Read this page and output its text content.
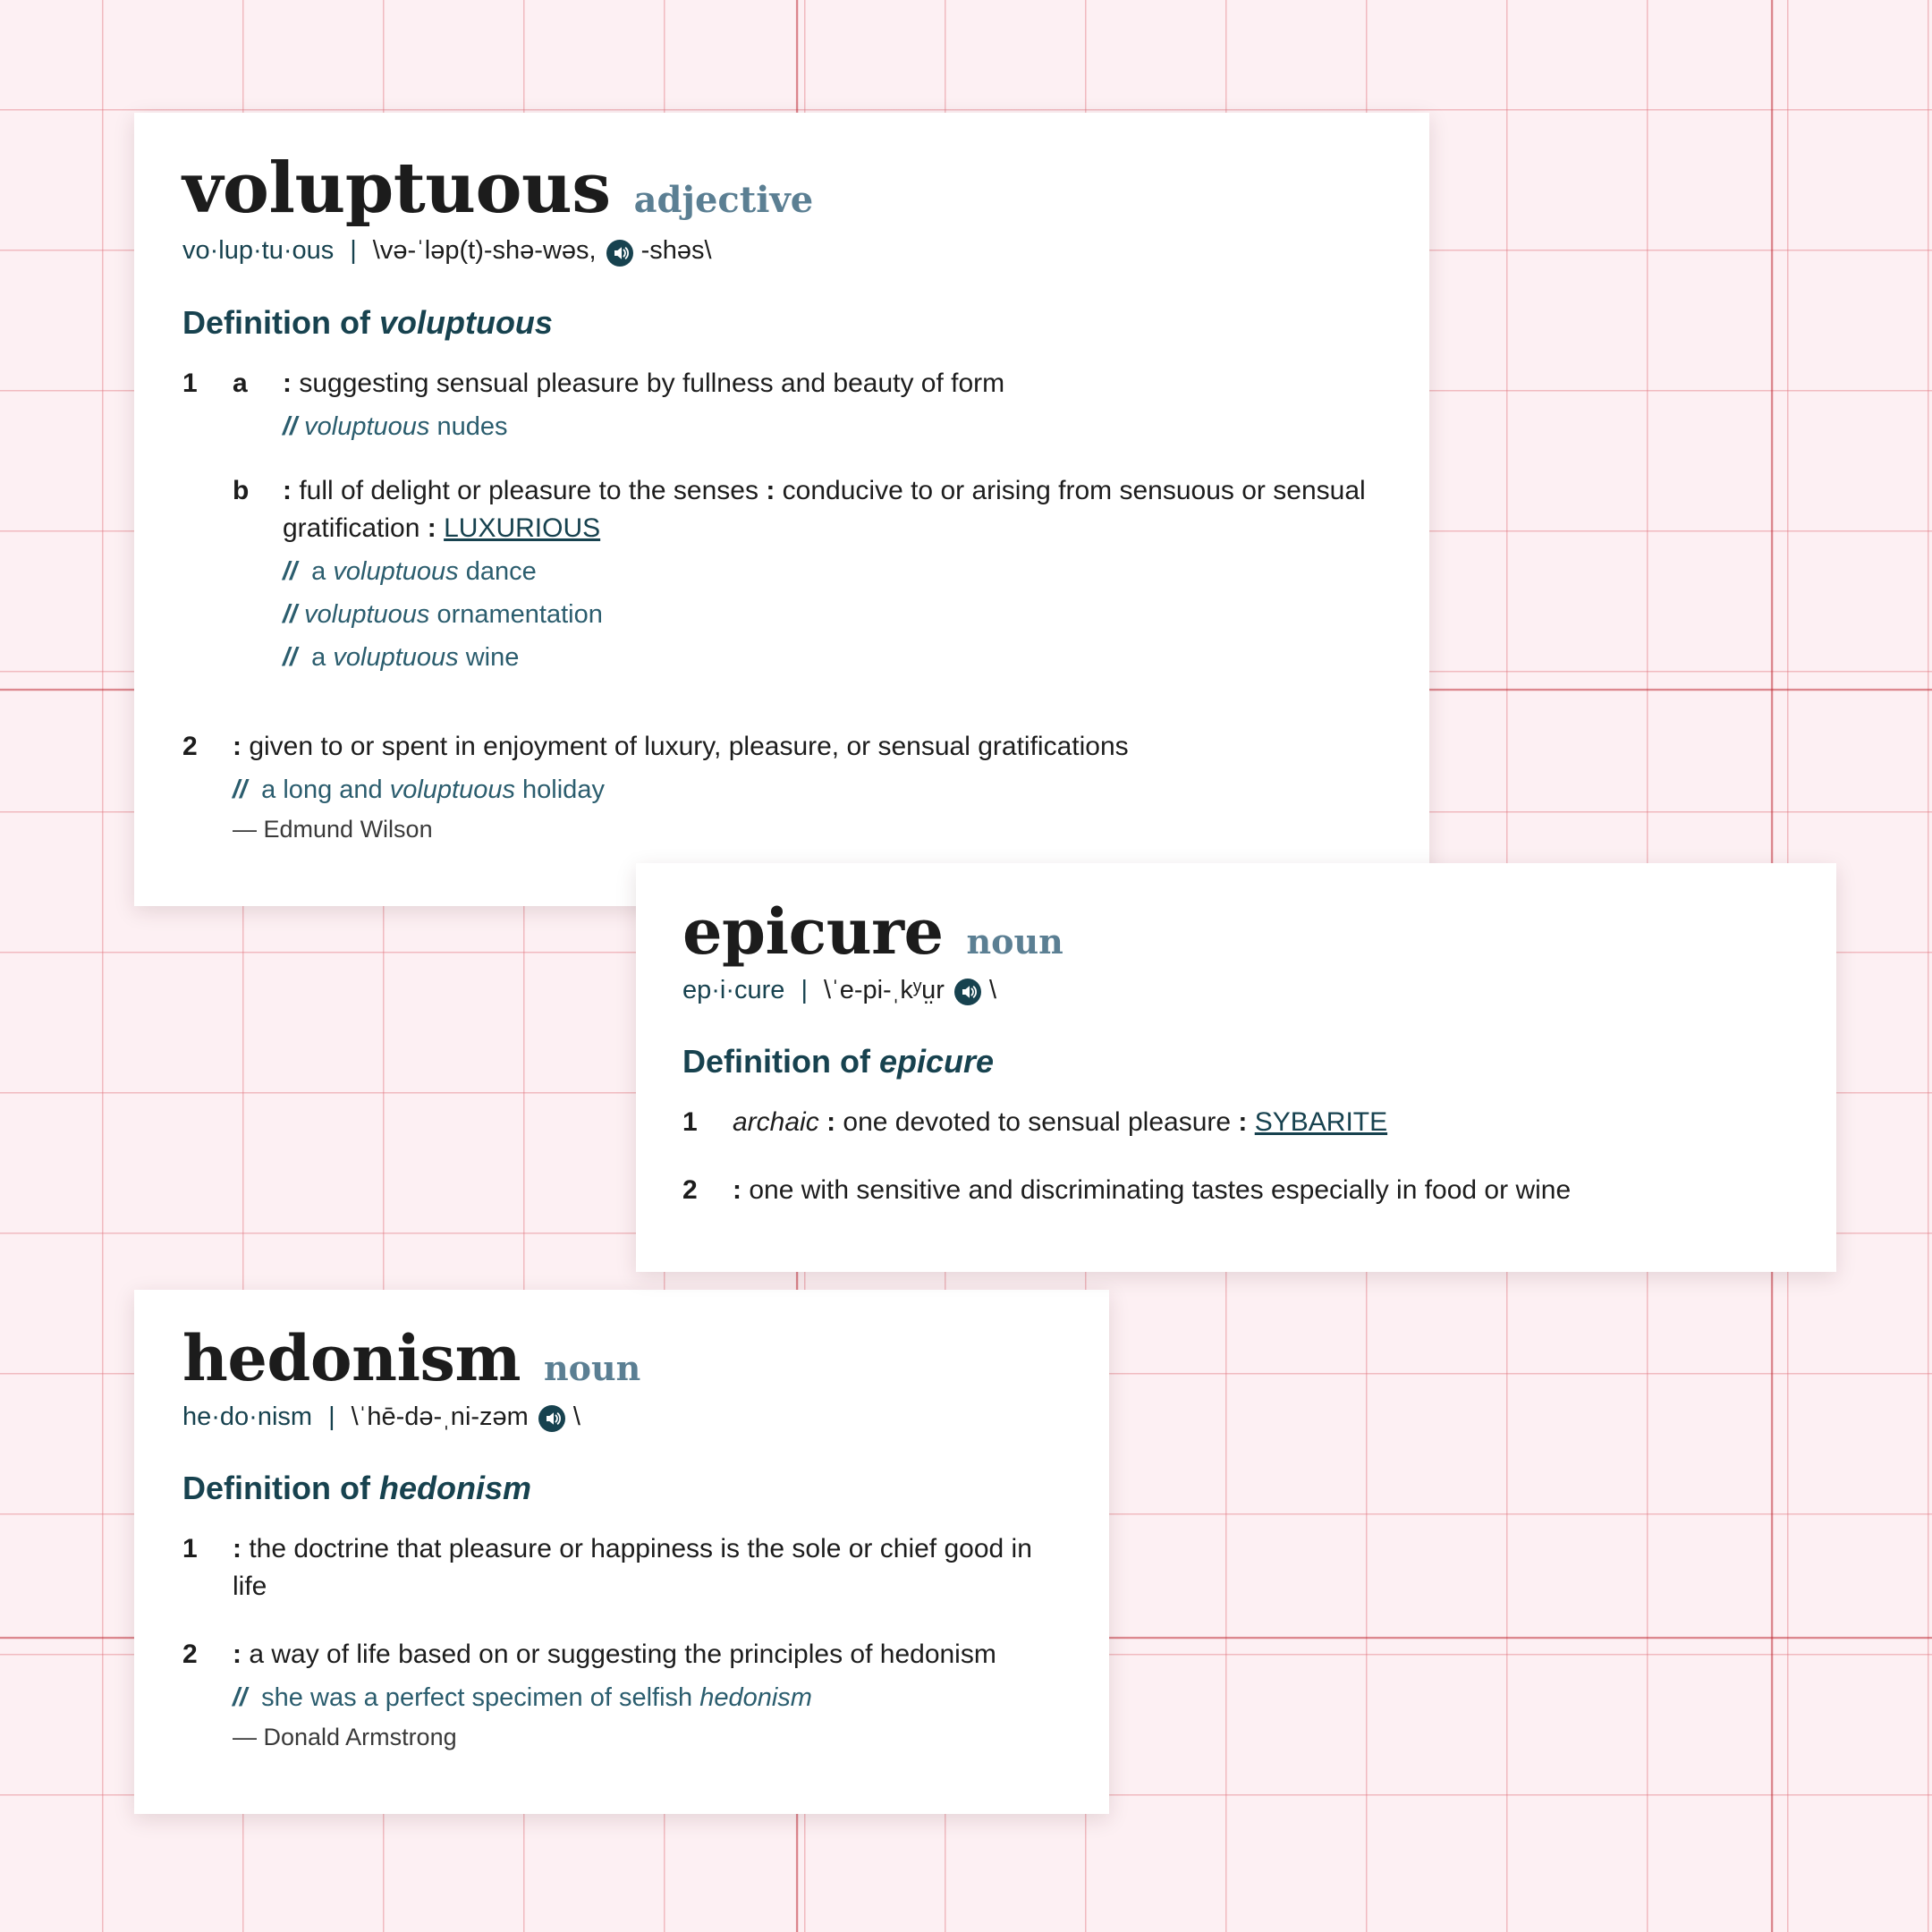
voluptuous adjective
vo·lup·tu·ous | \və-ˈləp(t)-shə-wəs, -shəs\
Definition of voluptuous
1	a	: suggesting sensual pleasure by fullness and beauty of form
// voluptuous nudes
b	: full of delight or pleasure to the senses : conducive to or arising from sensuous or sensual gratification : LUXURIOUS
// a voluptuous dance
// voluptuous ornamentation
// a voluptuous wine
2	: given to or spent in enjoyment of luxury, pleasure, or sensual gratifications
// a long and voluptuous holiday
— Edmund Wilson
epicure noun
ep·i·cure | \ˈe-pi-ˌkʸṳr \
Definition of epicure
1	archaic : one devoted to sensual pleasure : SYBARITE
2	: one with sensitive and discriminating tastes especially in food or wine
hedonism noun
he·do·nism | \ˈhē-də-ˌni-zəm \
Definition of hedonism
1	: the doctrine that pleasure or happiness is the sole or chief good in life
2	: a way of life based on or suggesting the principles of hedonism
// she was a perfect specimen of selfish hedonism
— Donald Armstrong
